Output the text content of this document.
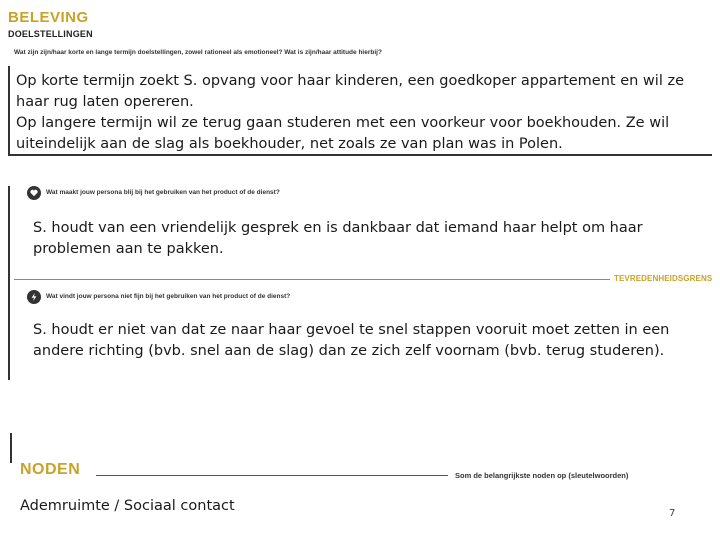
BELEVING
DOELSTELLINGEN
Wat zijn zijn/haar korte en lange termijn doelstellingen, zowel rationeel als emotioneel? Wat is zijn/haar attitude hierbij?
Op korte termijn zoekt S. opvang voor haar kinderen, een goedkoper appartement en wil ze haar rug laten opereren.
Op langere termijn wil ze terug gaan studeren met een voorkeur voor boekhouden. Ze wil uiteindelijk aan de slag als boekhouder, net zoals ze van plan was in Polen.
Wat maakt jouw persona blij bij het gebruiken van het product of de dienst?
S. houdt van een vriendelijk gesprek en is dankbaar dat iemand haar helpt om haar problemen aan te pakken.
TEVREDENHEIDSGRENS
Wat vindt jouw persona niet fijn bij het gebruiken van het product of de dienst?
S. houdt er niet van dat ze naar haar gevoel te snel stappen vooruit moet zetten in een andere richting (bvb. snel aan de slag) dan ze zich zelf voornam (bvb. terug studeren).
NODEN	Som de belangrijkste noden op (sleutelwoorden)
Ademruimte / Sociaal contact	7
